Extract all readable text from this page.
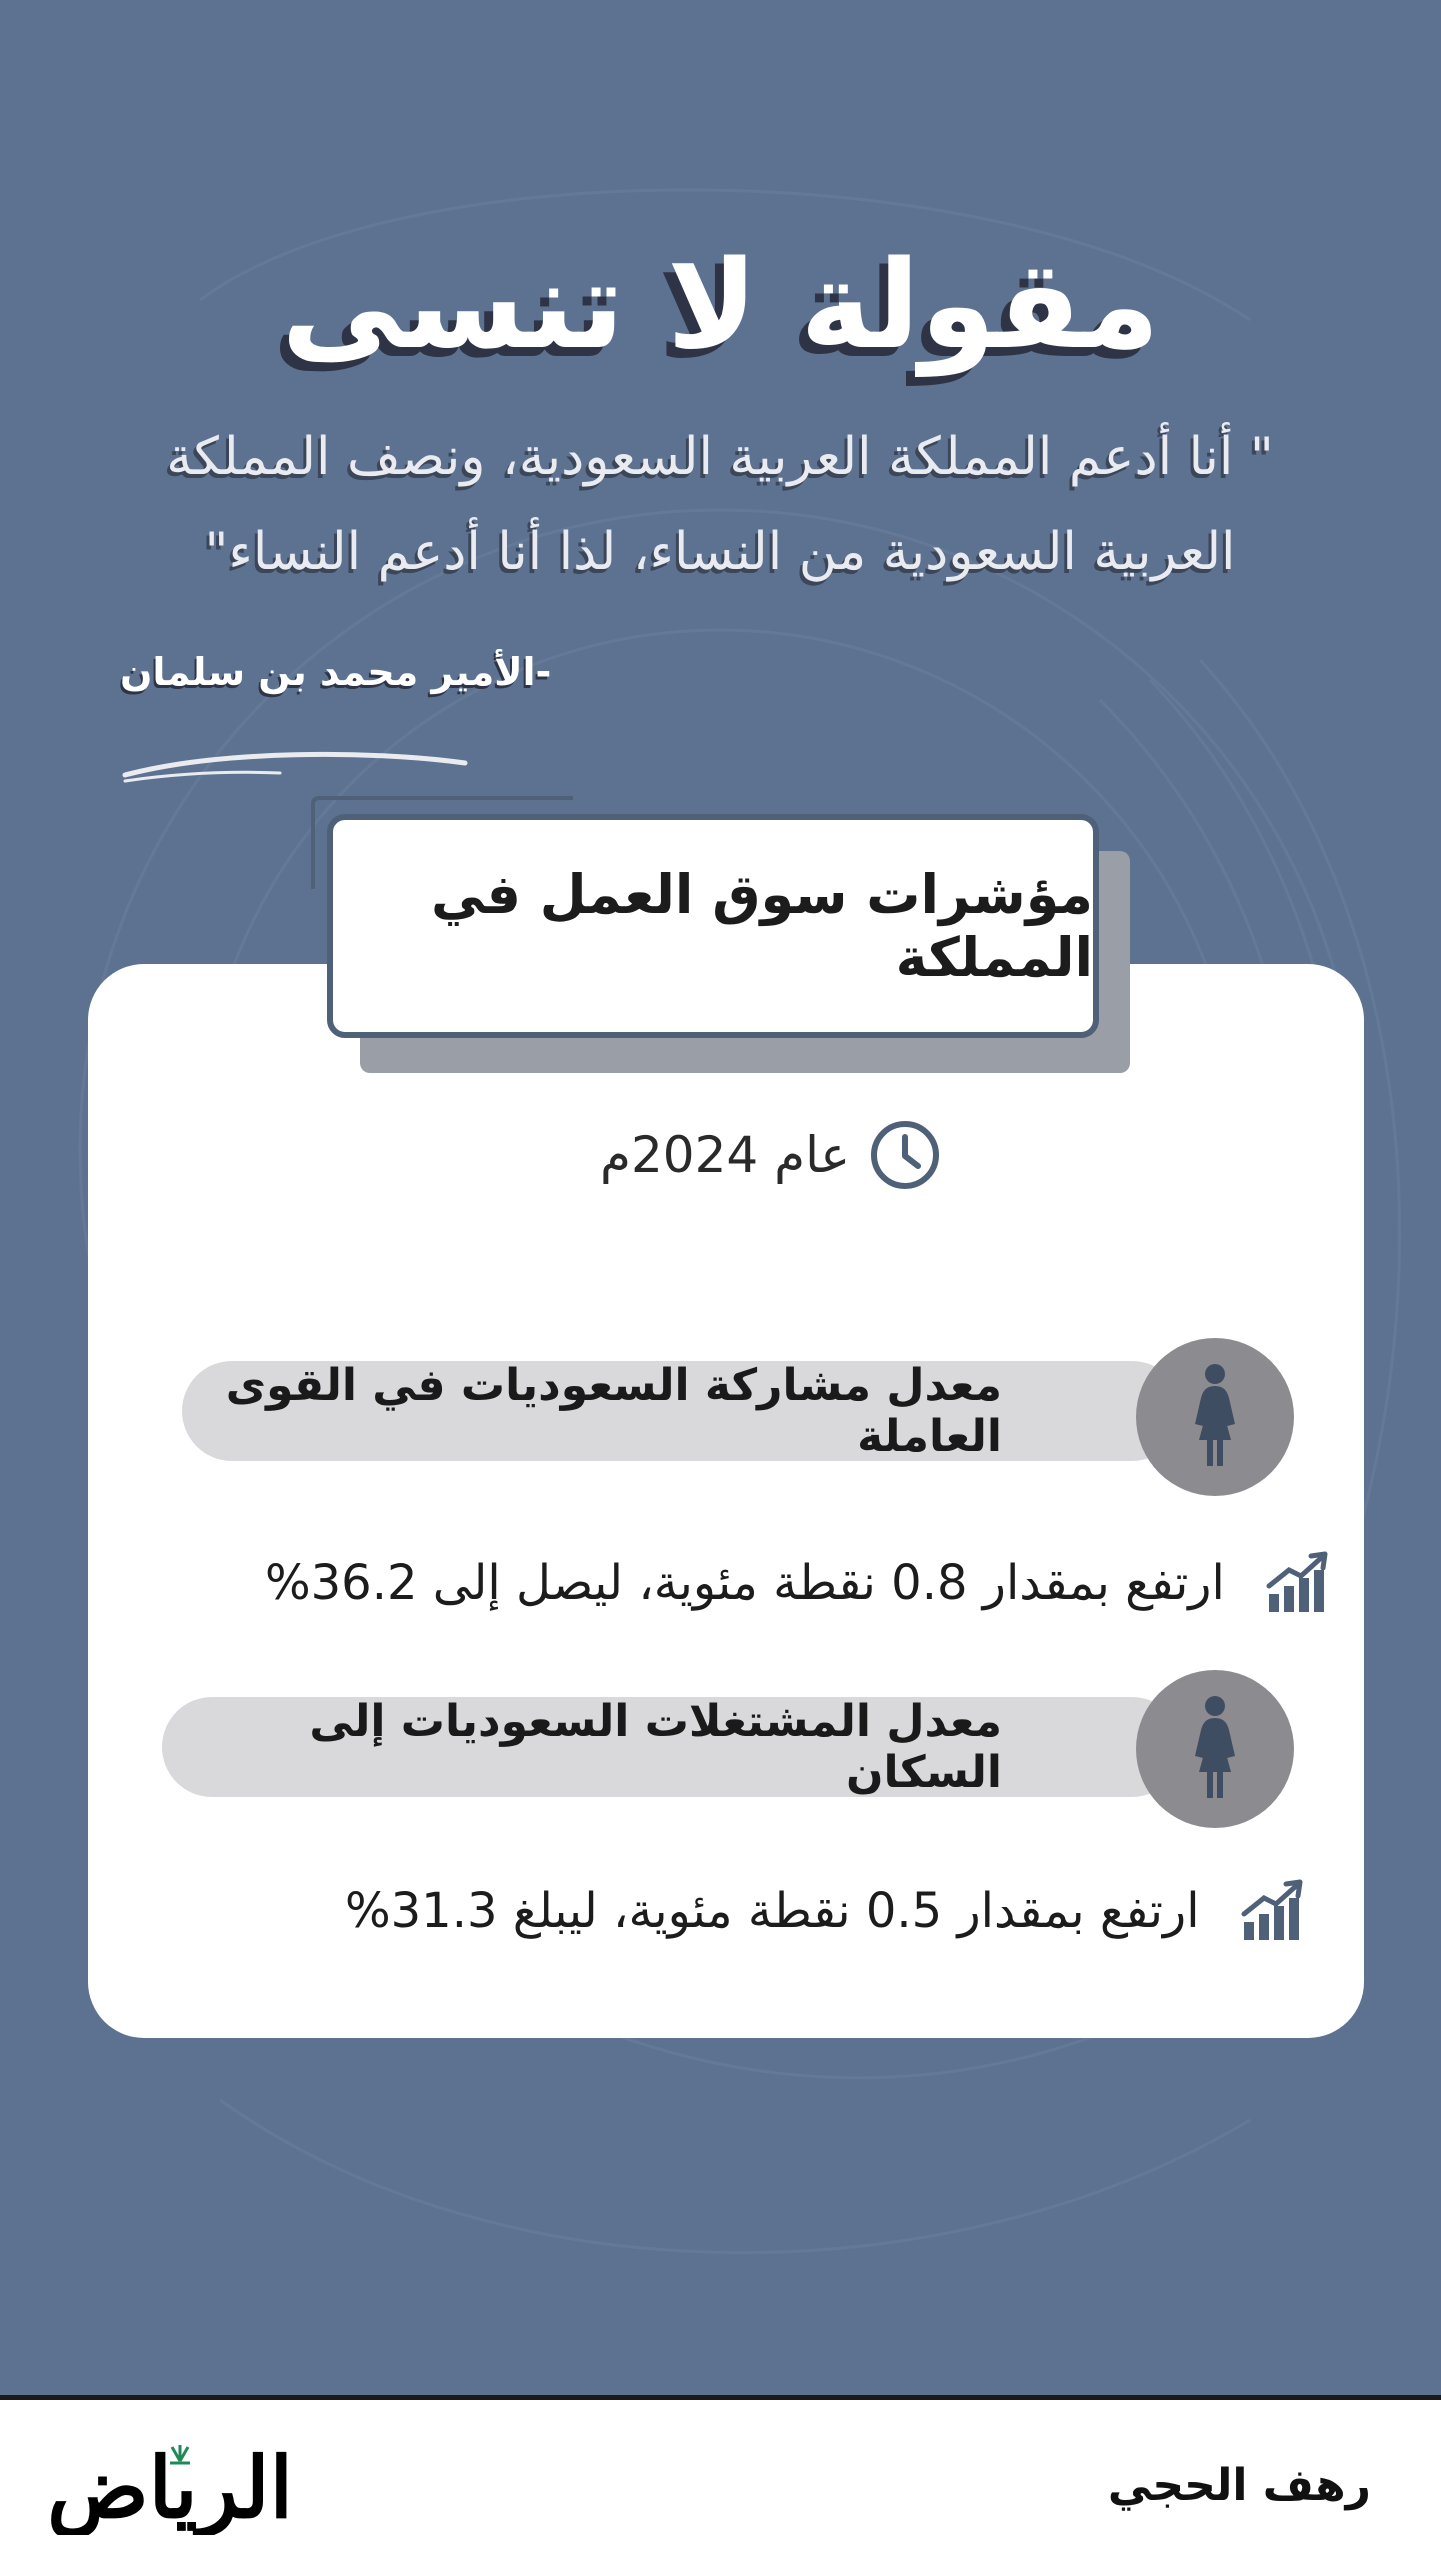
مقولة لا تنسى
" أنا أدعم المملكة العربية السعودية، ونصف المملكة
العربية السعودية من النساء، لذا أنا أدعم النساء"
-الأمير محمد بن سلمان
مؤشرات سوق العمل في المملكة
عام 2024م
معدل مشاركة السعوديات في القوى العاملة
ارتفع بمقدار 0.8 نقطة مئوية، ليصل إلى 36.2%
معدل المشتغلات السعوديات إلى السكان
ارتفع بمقدار 0.5 نقطة مئوية، ليبلغ 31.3%
رهف الحجي
الرياض
